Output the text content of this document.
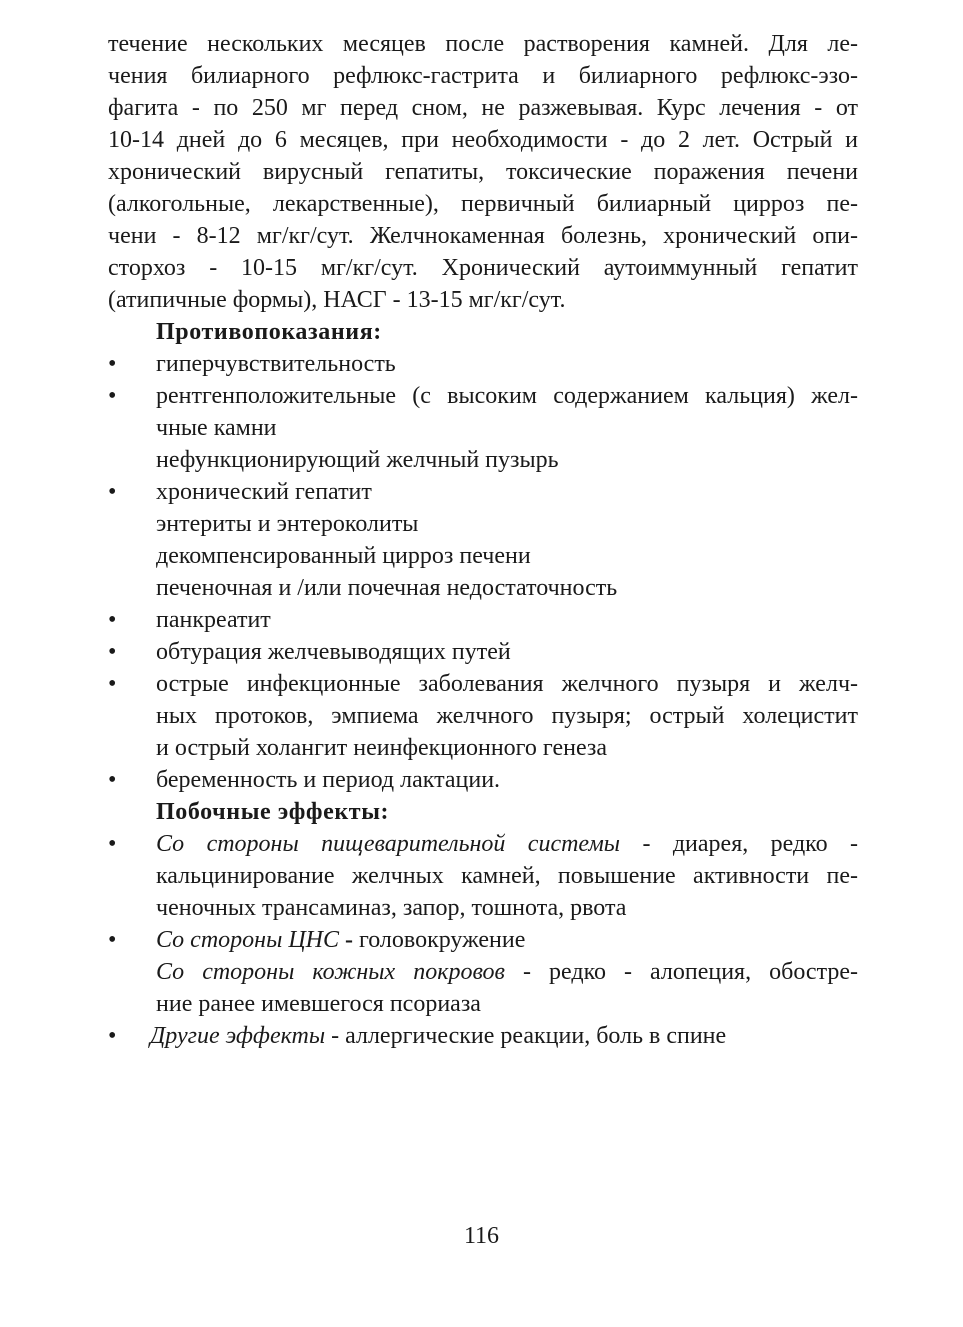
течение нескольких месяцев после растворения камней. Для ле-
чения билиарного рефлюкс-гастрита и билиарного рефлюкс-эзо-
фагита - по 250 мг перед сном, не разжевывая. Курс лечения - от
10-14 дней до 6 месяцев, при необходимости - до 2 лет. Острый и
хронический вирусный гепатиты, токсические поражения печени
(алкогольные, лекарственные), первичный билиарный цирроз пе-
чени - 8-12 мг/кг/сут. Желчнокаменная болезнь, хронический опи-
сторхоз - 10-15 мг/кг/сут. Хронический аутоиммунный гепатит
(атипичные формы), НАСГ - 13-15 мг/кг/сут.
Противопоказания:
•	гиперчувствительность
•	рентгенположительные (с высоким содержанием кальция) жел-
чные камни
нефункционирующий желчный пузырь
•	хронический гепатит
энтериты и энтероколиты
декомпенсированный цирроз печени
печеночная и /или почечная недостаточность
•	панкреатит
•	обтурация желчевыводящих путей
•	острые инфекционные заболевания желчного пузыря и желч-
ных протоков, эмпиема желчного пузыря; острый холецистит
и острый холангит неинфекционного генеза
•	беременность и период лактации.
Побочные эффекты:
•	Со стороны пищеварительной системы - диарея, редко -
кальцинирование желчных камней, повышение активности пе-
ченочных трансаминаз, запор, тошнота, рвота
•	Со стороны ЦНС - головокружение
Со стороны кожных покровов - редко - алопеция, обостре-
ние ранее имевшегося псориаза
•	Другие эффекты - аллергические реакции, боль в спине
116
